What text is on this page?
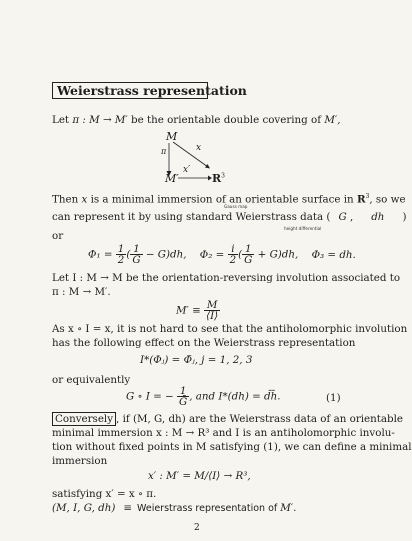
Weierstrass representation
Let π : M → M′ be the orientable double covering of M′,
M
π	x
x′
M′	$R^3$
Then x is a minimal immersion of an orientable surface in $R^3$, so we
Gauss map
can represent it by using standard Weierstrass data ( G , dh )
height differential
or
$\Phi_1 = \frac{1}{2}$ ( $\frac{1}{G} - G)dh$, $\Phi_2 = \frac{i}{2}$ ( $\frac{1}{G} + G)dh$, Φ₃ = dh.
Let I : M → M be the orientation-reversing involution associated to
π : M → M′.
$M' \equiv \frac{M}{⟨I⟩}$
As x ∘ I = x, it is not hard to see that the antiholomorphic involution
has the following effect on the Weierstrass representation
I*(Φⱼ) = Φ̄ⱼ, j = 1, 2, 3
or equivalently
G ∘ I = − $\frac{1}{\text{Ḡ}}$ , and I*(dh) = d̄h̄.	(1)
Conversely , if (M, G, dh) are the Weierstrass data of an orientable
minimal immersion x : M → R³ and I is an antiholomorphic involu-
tion without fixed points in M satisfying (1), we can define a minimal
immersion
x′ : M′ = M/⟨I⟩ → R³,
satisfying x′ = x ∘ π.
(M, I, G, dh) ≡ Weierstrass representation of M′.
2
